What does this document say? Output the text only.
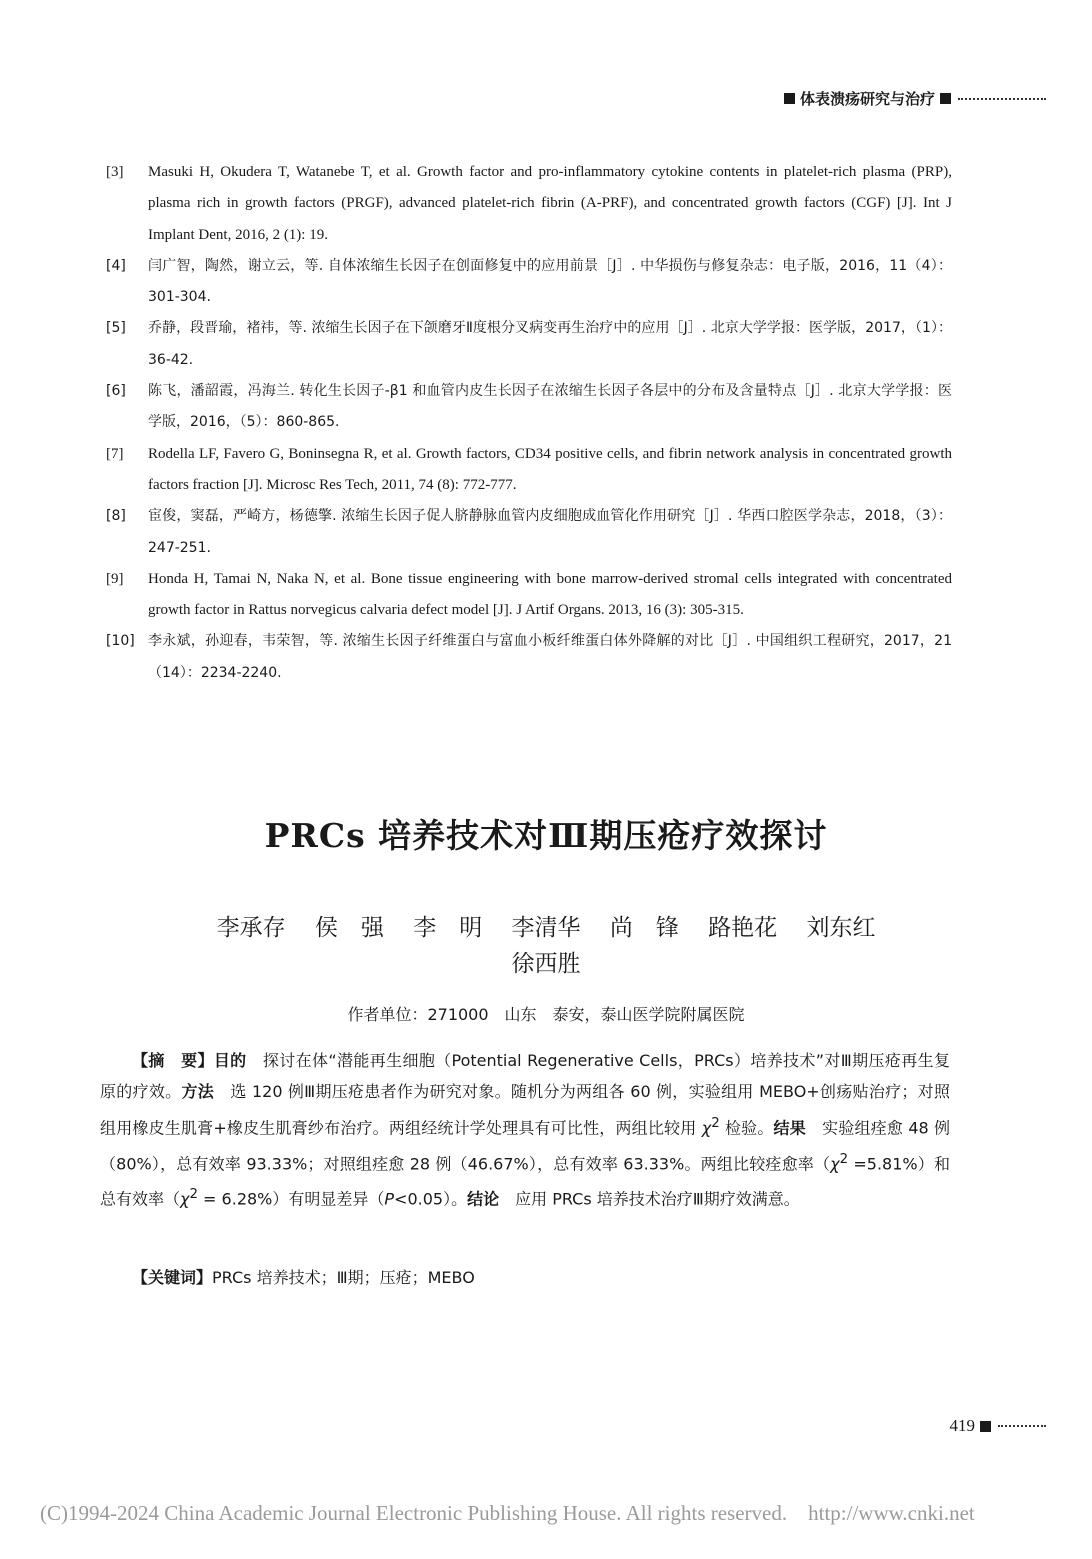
体表溃疡研究与治疗
[3]	Masuki H, Okudera T, Watanebe T, et al. Growth factor and pro-inflammatory cytokine contents in platelet-rich plasma (PRP), plasma rich in growth factors (PRGF), advanced platelet-rich fibrin (A-PRF), and concentrated growth factors (CGF) [J]. Int J Implant Dent, 2016, 2 (1): 19.
[4]	闫广智，陶然，谢立云，等. 自体浓缩生长因子在创面修复中的应用前景［J］. 中华损伤与修复杂志：电子版，2016，11（4）：301-304.
[5]	乔静，段晋瑜，褚祎，等. 浓缩生长因子在下颌磨牙Ⅱ度根分叉病变再生治疗中的应用［J］. 北京大学学报：医学版，2017，（1）：36-42.
[6]	陈飞，潘韶霞，冯海兰. 转化生长因子-β1 和血管内皮生长因子在浓缩生长因子各层中的分布及含量特点［J］. 北京大学学报：医学版，2016，（5）：860-865.
[7]	Rodella LF, Favero G, Boninsegna R, et al. Growth factors, CD34 positive cells, and fibrin network analysis in concentrated growth factors fraction [J]. Microsc Res Tech, 2011, 74 (8): 772-777.
[8]	宦俊，窦磊，严崎方，杨德擎. 浓缩生长因子促人脐静脉血管内皮细胞成血管化作用研究［J］. 华西口腔医学杂志，2018，（3）：247-251.
[9]	Honda H, Tamai N, Naka N, et al. Bone tissue engineering with bone marrow-derived stromal cells integrated with concentrated growth factor in Rattus norvegicus calvaria defect model [J]. J Artif Organs. 2013, 16 (3): 305-315.
[10] 李永斌，孙迎春，韦荣智，等. 浓缩生长因子纤维蛋白与富血小板纤维蛋白体外降解的对比［J］. 中国组织工程研究，2017，21（14）：2234-2240.
PRCs 培养技术对Ⅲ期压疮疗效探讨
李承存 侯　强 李　明 李清华 尚　锋 路艳花 刘东红
徐西胜
作者单位：271000　山东　泰安，泰山医学院附属医院
【摘　要】目的　 探讨在体“潜能再生细胞（Potential Regenerative Cells，PRCs）培养技术”对Ⅲ期压疮再生复原的疗效。方法　 选 120 例Ⅲ期压疮患者作为研究对象。随机分为两组各 60 例，实验组用 MEBO+创疡贴治疗；对照组用橡皮生肌膏+橡皮生肌膏纱布治疗。两组经统计学处理具有可比性，两组比较用 $\chi^2$ 检验。结果　 实验组痊愈 48 例（80%），总有效率 93.33%；对照组痊愈 28 例（46.67%），总有效率 63.33%。两组比较痊愈率$(\chi^2 =5.81\%)$和总有效率$(\chi^2 = 6.28\%)$有明显差异（P<0.05）。结论　 应用 PRCs 培养技术治疗Ⅲ期疗效满意。
【关键词】PRCs 培养技术；Ⅲ期；压疮；MEBO
419
(C)1994-2024 China Academic Journal Electronic Publishing House. All rights reserved.　http://www.cnki.net
